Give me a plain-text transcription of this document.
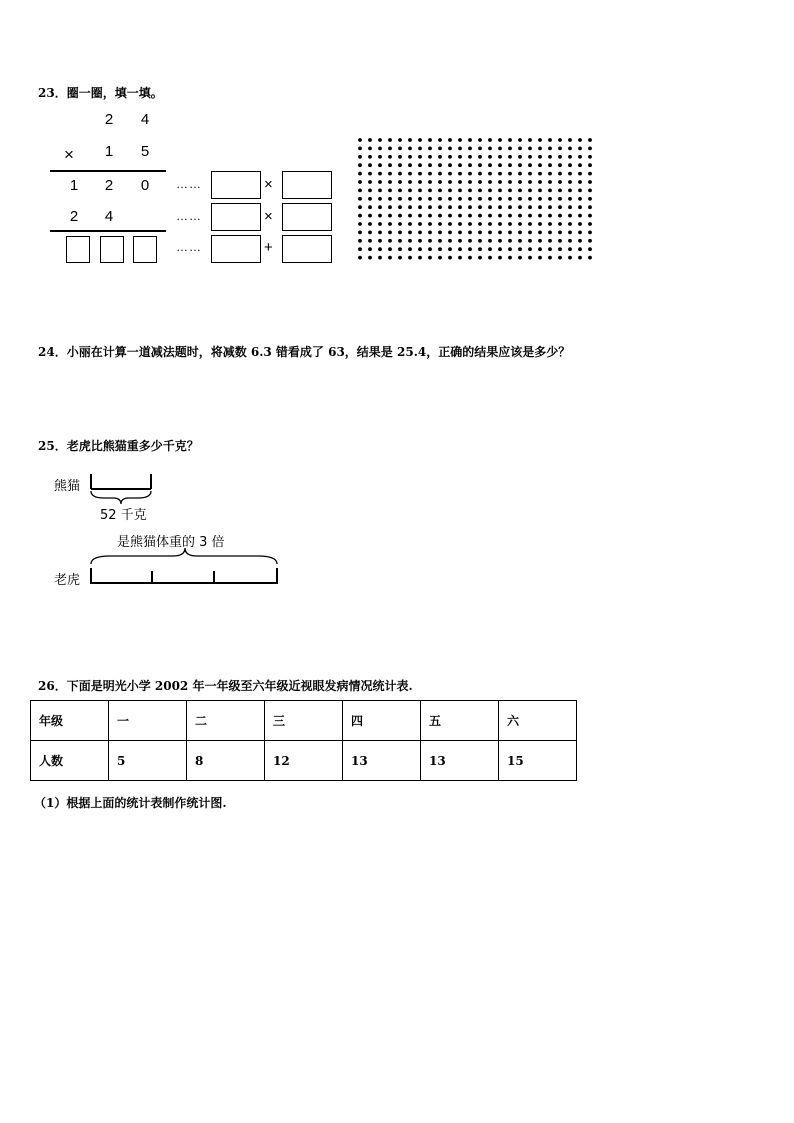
23．圈一圈，填一填。
2 4
× 1 5
1 2 0
2 4
……	×
……	×
……	+
24．小丽在计算一道减法题时，将减数 6.3 错看成了 63，结果是 25.4，正确的结果应该是多少？
25．老虎比熊猫重多少千克？
熊猫
52 千克
是熊猫体重的 3 倍
老虎
26．下面是明光小学 2002 年一年级至六年级近视眼发病情况统计表.
年级	一	二	三	四	五	六
人数	5	8	12	13	13	15
（1）根据上面的统计表制作统计图.
